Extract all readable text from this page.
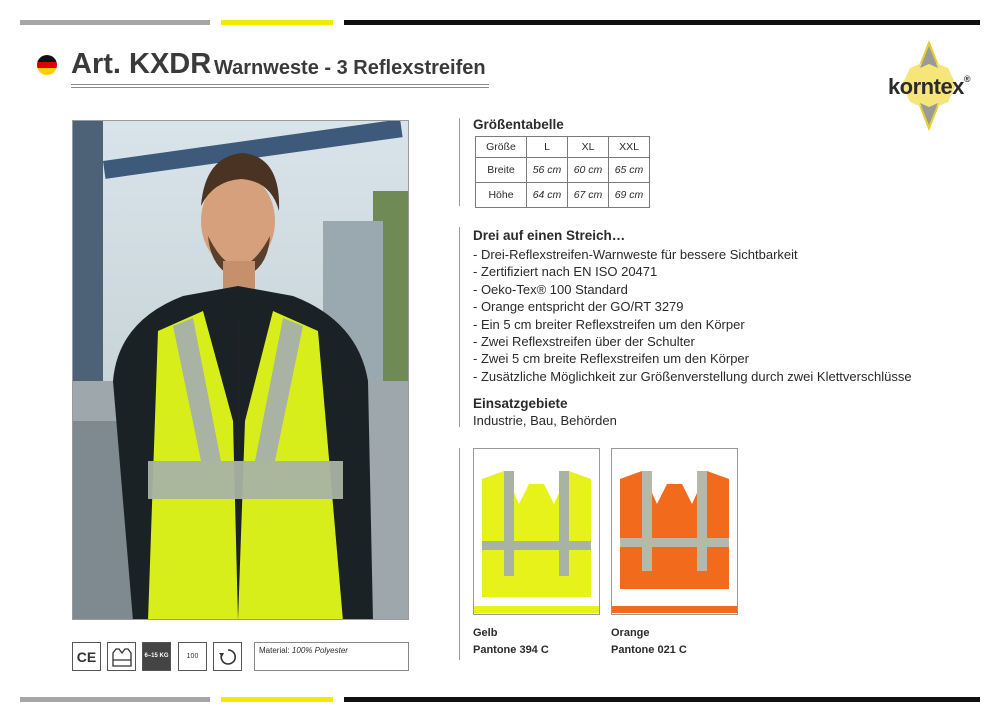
Art. KXDR Warnweste - 3 Reflexstreifen
korntex®
CE	6–15 KG	100
Material: 100% Polyester
Größentabelle
Größe	L	XL	XXL
Breite	56 cm	60 cm	65 cm
Höhe	64 cm	67 cm	69 cm
Drei auf einen Streich…
- Drei-Reflexstreifen-Warnweste für bessere Sichtbarkeit
- Zertifiziert nach EN ISO 20471
- Oeko-Tex® 100 Standard
- Orange entspricht der GO/RT 3279
- Ein 5 cm breiter Reflexstreifen um den Körper
- Zwei Reflexstreifen über der Schulter
- Zwei 5 cm breite Reflexstreifen um den Körper
- Zusätzliche Möglichkeit zur Größenverstellung durch zwei Klettverschlüsse
Einsatzgebiete
Industrie, Bau, Behörden
Gelb
Pantone 394 C
Orange
Pantone 021 C
